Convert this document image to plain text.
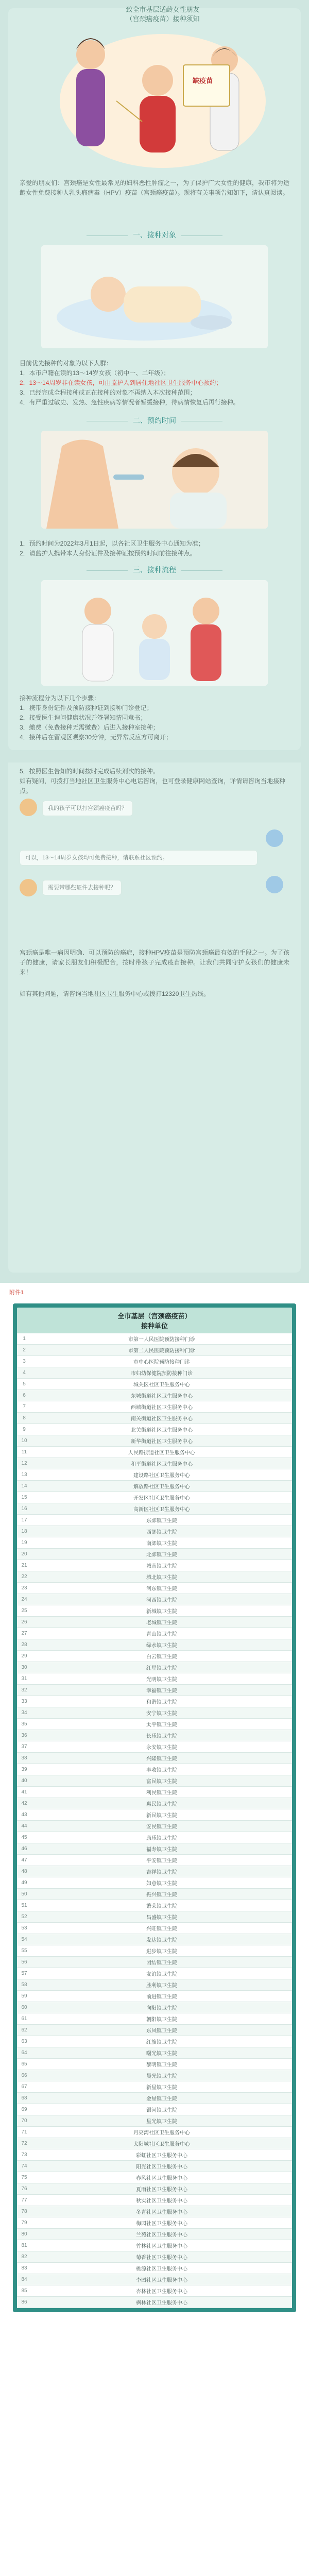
缺疫苗
致全市基层适龄女性朋友
（宫颈癌疫苗）接种须知
亲爱的朋友们：宫颈癌是女性最常见的妇科恶性肿瘤之一，为了保护广大女性的健康，我市将为适龄女性免费接种人乳头瘤病毒（HPV）疫苗（宫颈癌疫苗）。现将有关事项告知如下，请认真阅读。
一、接种对象

目前优先接种的对象为以下人群：

1．本市户籍在读的13～14岁女孩（初中一、二年级）；

2．13～14周岁非在读女孩，可由监护人到居住地社区卫生服务中心预约；

3．已经完成全程接种或正在接种的对象不再纳入本次接种范围；

4．有严重过敏史、发热、急性疾病等情况者暂缓接种，待病情恢复后再行接种。

二、预约时间

1．预约时间为2022年3月1日起，以各社区卫生服务中心通知为准；

2．请监护人携带本人身份证件及接种证按预约时间前往接种点。

三、接种流程

接种流程分为以下几个步骤：

1．携带身份证件及预防接种证到接种门诊登记；

2．接受医生询问健康状况并签署知情同意书；

3．缴费（免费接种无需缴费）后进入接种室接种；

4．接种后在留观区观察30分钟，无异常反应方可离开；

5．按照医生告知的时间按时完成后续剂次的接种。

如有疑问，可拨打当地社区卫生服务中心电话咨询，也可登录健康网站查询，详情请咨询当地接种点。

我的孩子可以打宫颈癌疫苗吗？
可以，13～14周岁女孩均可免费接种，请联系社区预约。
需要带哪些证件去接种呢？
宫颈癌是唯一病因明确、可以预防的癌症，接种HPV疫苗是预防宫颈癌最有效的手段之一。为了孩子的健康，请家长朋友们积极配合，按时带孩子完成疫苗接种。让我们共同守护女孩们的健康未来！
如有其他问题，请咨询当地社区卫生服务中心或拨打12320卫生热线。
附件1
全市基层（宫颈癌疫苗）
接种单位
1	市第一人民医院预防接种门诊
2	市第二人民医院预防接种门诊
3	市中心医院预防接种门诊
4	市妇幼保健院预防接种门诊
5	城关区社区卫生服务中心
6	东城街道社区卫生服务中心
7	西城街道社区卫生服务中心
8	南关街道社区卫生服务中心
9	北关街道社区卫生服务中心
10	新华街道社区卫生服务中心
11	人民路街道社区卫生服务中心
12	和平街道社区卫生服务中心
13	建设路社区卫生服务中心
14	解放路社区卫生服务中心
15	开发区社区卫生服务中心
16	高新区社区卫生服务中心
17	东郊镇卫生院
18	西郊镇卫生院
19	南郊镇卫生院
20	北郊镇卫生院
21	城南镇卫生院
22	城北镇卫生院
23	河东镇卫生院
24	河西镇卫生院
25	新城镇卫生院
26	老城镇卫生院
27	青山镇卫生院
28	绿水镇卫生院
29	白云镇卫生院
30	红星镇卫生院
31	光明镇卫生院
32	幸福镇卫生院
33	和谐镇卫生院
34	安宁镇卫生院
35	太平镇卫生院
36	长乐镇卫生院
37	永安镇卫生院
38	兴隆镇卫生院
39	丰收镇卫生院
40	富民镇卫生院
41	利民镇卫生院
42	惠民镇卫生院
43	新民镇卫生院
44	安民镇卫生院
45	康乐镇卫生院
46	福寿镇卫生院
47	平安镇卫生院
48	吉祥镇卫生院
49	如意镇卫生院
50	振兴镇卫生院
51	繁荣镇卫生院
52	昌盛镇卫生院
53	兴旺镇卫生院
54	发达镇卫生院
55	进步镇卫生院
56	团结镇卫生院
57	友谊镇卫生院
58	胜利镇卫生院
59	前进镇卫生院
60	向阳镇卫生院
61	朝阳镇卫生院
62	东风镇卫生院
63	红旗镇卫生院
64	曙光镇卫生院
65	黎明镇卫生院
66	晨光镇卫生院
67	新星镇卫生院
68	金星镇卫生院
69	银河镇卫生院
70	星光镇卫生院
71	月亮湾社区卫生服务中心
72	太阳城社区卫生服务中心
73	彩虹社区卫生服务中心
74	阳光社区卫生服务中心
75	春风社区卫生服务中心
76	夏雨社区卫生服务中心
77	秋实社区卫生服务中心
78	冬青社区卫生服务中心
79	梅园社区卫生服务中心
80	兰苑社区卫生服务中心
81	竹林社区卫生服务中心
82	菊香社区卫生服务中心
83	桃源社区卫生服务中心
84	李园社区卫生服务中心
85	杏林社区卫生服务中心
86	枫林社区卫生服务中心
